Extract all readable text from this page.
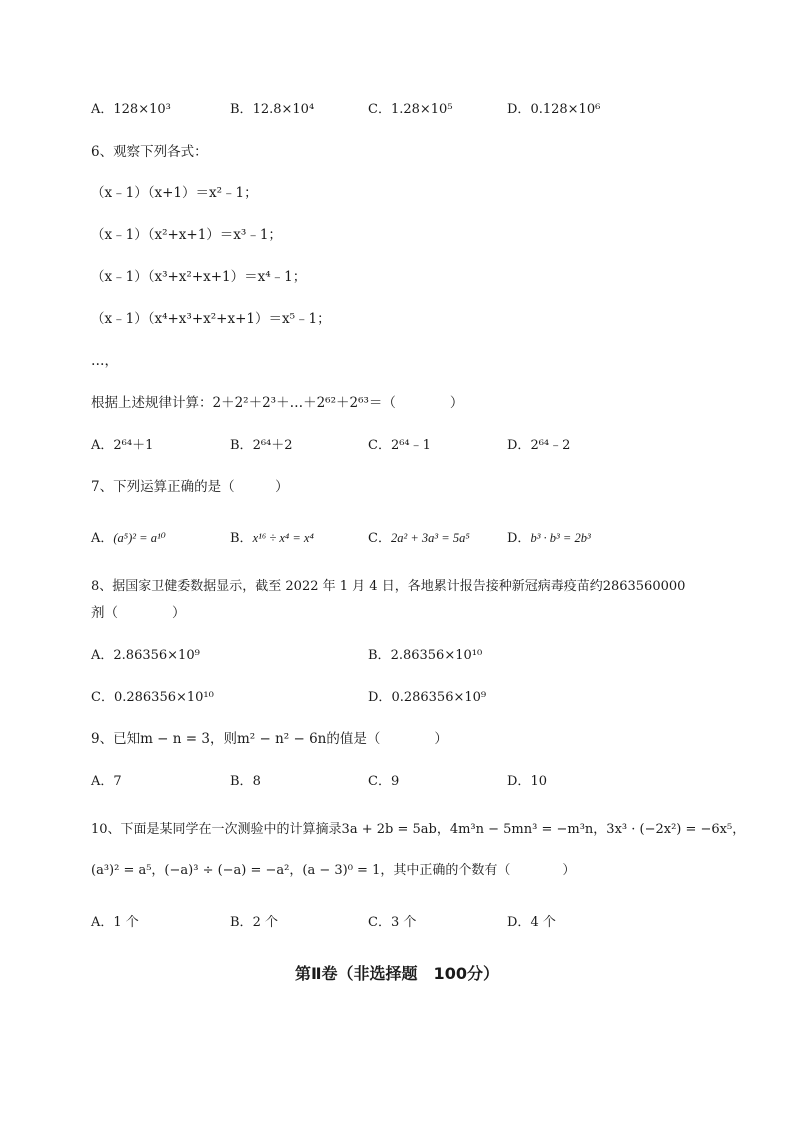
A．128×10³	B．12.8×10⁴	C．1.28×10⁵	D．0.128×10⁶
6、观察下列各式：
（x﹣1）（x+1）＝x²﹣1；
（x﹣1）（x²+x+1）＝x³﹣1；
（x﹣1）（x³+x²+x+1）＝x⁴﹣1；
（x﹣1）（x⁴+x³+x²+x+1）＝x⁵﹣1；
…，
根据上述规律计算：2＋2²＋2³＋…＋2⁶²＋2⁶³＝（　　　　）
A．2⁶⁴＋1	B．2⁶⁴＋2	C．2⁶⁴﹣1	D．2⁶⁴﹣2
7、下列运算正确的是（　　　）
A．(a⁵)² = a¹⁰	B．x¹⁶ ÷ x⁴ = x⁴	C．2a² + 3a³ = 5a⁵	D．b³ · b³ = 2b³
8、据国家卫健委数据显示，截至 2022 年 1 月 4 日，各地累计报告接种新冠病毒疫苗约2863560000
剂（　　　　）
A．2.86356×10⁹	B．2.86356×10¹⁰
C．0.286356×10¹⁰	D．0.286356×10⁹
9、已知m − n = 3，则m² − n² − 6n的值是（　　　　）
A．7	B．8	C．9	D．10
10、下面是某同学在一次测验中的计算摘录3a + 2b = 5ab，4m³n − 5mn³ = −m³n，3x³ · (−2x²) = −6x⁵，
(a³)² = a⁵，(−a)³ ÷ (−a) = −a²，(a − 3)⁰ = 1，其中正确的个数有（　　　　）
A．1 个	B．2 个	C．3 个	D．4 个
第Ⅱ卷（非选择题　100分）
